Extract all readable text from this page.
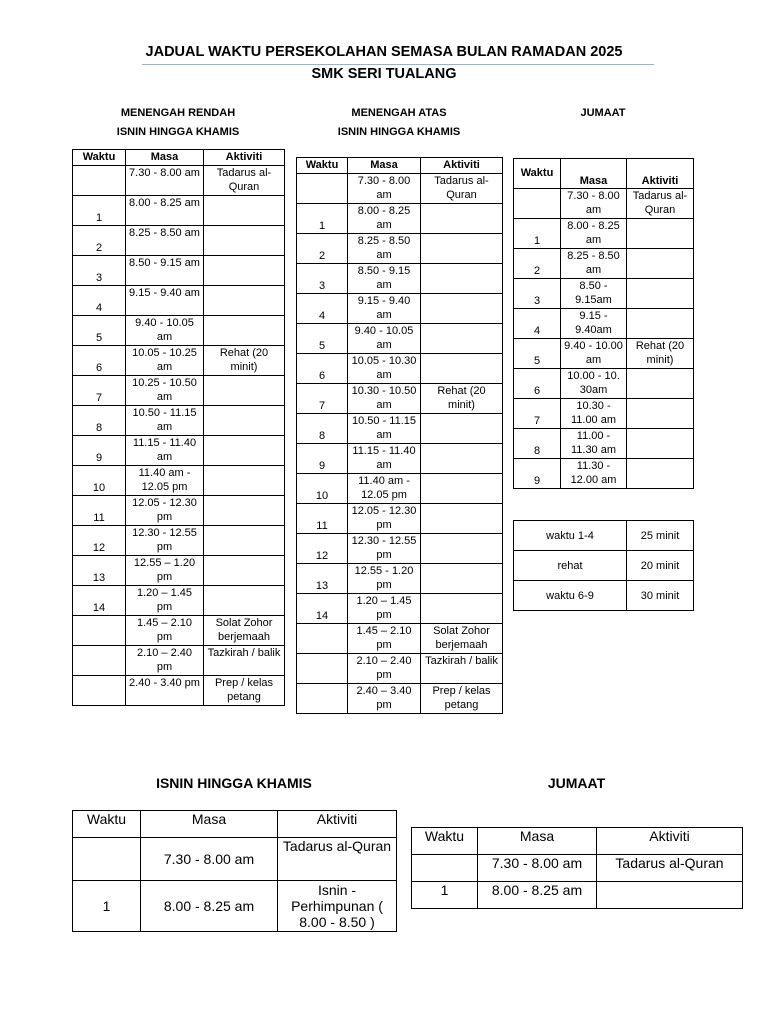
JADUAL WAKTU PERSEKOLAHAN SEMASA BULAN RAMADAN 2025
SMK SERI TUALANG
MENENGAH RENDAH
ISNIN HINGGA KHAMIS
MENENGAH ATAS
ISNIN HINGGA KHAMIS
JUMAAT
Waktu	Masa	Aktiviti
	7.30 - 8.00 am	Tadarus al-Quran
1	8.00 - 8.25 am	
2	8.25 - 8.50 am	
3	8.50 - 9.15 am	
4	9.15 - 9.40 am	
5	9.40 - 10.05 am	
6	10.05 - 10.25 am	Rehat (20 minit)
7	10.25 - 10.50 am	
8	10.50 - 11.15 am	
9	11.15 - 11.40 am	
10	11.40 am - 12.05 pm	
11	12.05 - 12.30 pm	
12	12.30 - 12.55 pm	
13	12.55 – 1.20 pm	
14	1.20 – 1.45 pm	
	1.45 – 2.10 pm	Solat Zohor berjemaah
	2.10 – 2.40 pm	Tazkirah / balik
	2.40 - 3.40 pm	Prep / kelas petang
Waktu	Masa	Aktiviti
	7.30 - 8.00 am	Tadarus al-Quran
1	8.00 - 8.25 am	
2	8.25 - 8.50 am	
3	8.50 - 9.15 am	
4	9.15 - 9.40 am	
5	9.40 - 10.05 am	
6	10.05 - 10.30 am	
7	10.30 - 10.50 am	Rehat (20 minit)
8	10.50 - 11.15 am	
9	11.15 - 11.40 am	
10	11.40 am - 12.05 pm	
11	12.05 - 12.30 pm	
12	12.30 - 12.55 pm	
13	12.55 - 1.20 pm	
14	1.20 – 1.45 pm	
	1.45 – 2.10 pm	Solat Zohor berjemaah
	2.10 – 2.40 pm	Tazkirah / balik
	2.40 – 3.40 pm	Prep / kelas petang
Waktu	Masa	Aktiviti
	7.30 - 8.00 am	Tadarus al-Quran
1	8.00 - 8.25 am	
2	8.25 - 8.50 am	
3	8.50 - 9.15am	
4	9.15 - 9.40am	
5	9.40 - 10.00 am	Rehat (20 minit)
6	10.00 - 10. 30am	
7	10.30 - 11.00 am	
8	11.00 - 11.30 am	
9	11.30 - 12.00 am	
waktu 1-4	25 minit
rehat	20 minit
waktu 6-9	30 minit
ISNIN HINGGA KHAMIS	JUMAAT
Waktu	Masa	Aktiviti
	7.30 - 8.00 am	Tadarus al-Quran
1	8.00 - 8.25 am	Isnin - Perhimpunan ( 8.00 - 8.50 )
Waktu	Masa	Aktiviti
	7.30 - 8.00 am	Tadarus al-Quran
1	8.00 - 8.25 am	
